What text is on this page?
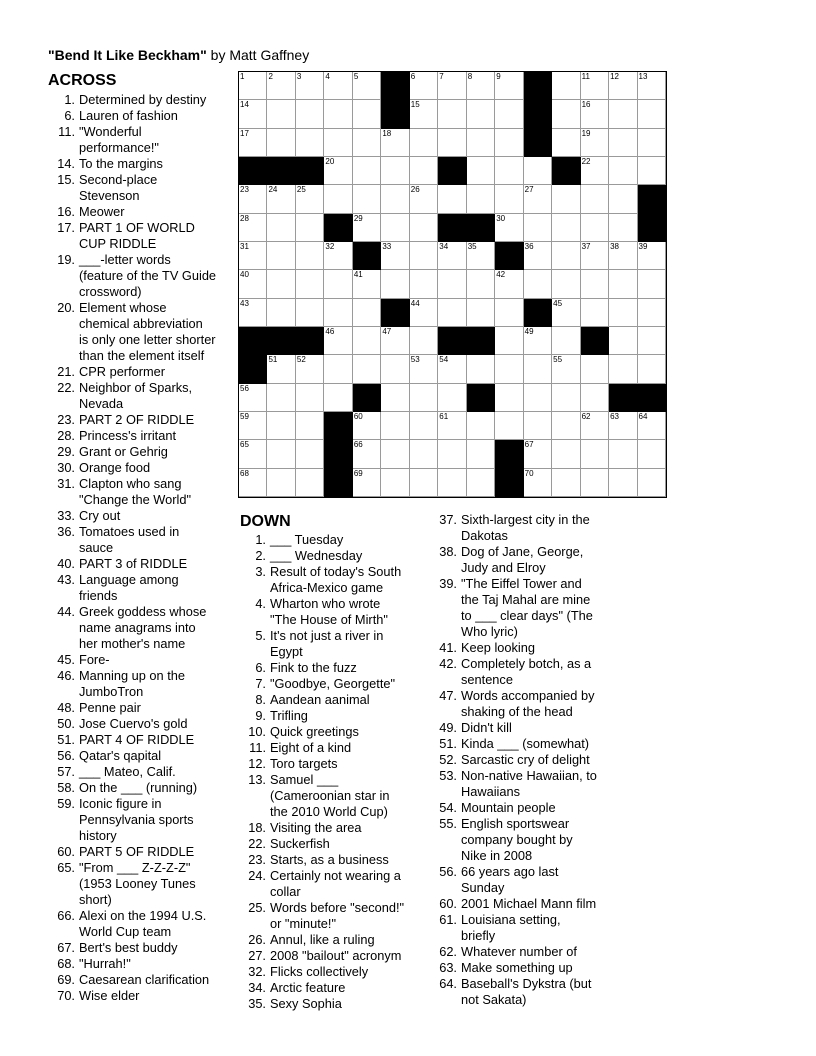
"Bend It Like Beckham" by Matt Gaffney
ACROSS
1. Determined by destiny
6. Lauren of fashion
11. "Wonderful
performance!"
14. To the margins
15. Second-place
Stevenson
16. Meower
17. PART 1 OF WORLD
CUP RIDDLE
19. ___-letter words
(feature of the TV Guide
crossword)
20. Element whose
chemical abbreviation
is only one letter shorter
than the element itself
21. CPR performer
22. Neighbor of Sparks,
Nevada
23. PART 2 OF RIDDLE
28. Princess's irritant
29. Grant or Gehrig
30. Orange food
31. Clapton who sang
"Change the World"
33. Cry out
36. Tomatoes used in
sauce
40. PART 3 of RIDDLE
43. Language among
friends
44. Greek goddess whose
name anagrams into
her mother's name
45. Fore-
46. Manning up on the
JumboTron
48. Penne pair
50. Jose Cuervo's gold
51. PART 4 OF RIDDLE
56. Qatar's qapital
57. ___ Mateo, Calif.
58. On the ___ (running)
59. Iconic figure in
Pennsylvania sports
history
60. PART 5 OF RIDDLE
65. "From ___ Z-Z-Z-Z"
(1953 Looney Tunes
short)
66. Alexi on the 1994 U.S.
World Cup team
67. Bert's best buddy
68. "Hurrah!"
69. Caesarean clarification
70. Wise elder
1	2	3	4	5	6	7	8	9	11	12 13
14	15	16
17	18	19
20	22
23 24 25	26	27
28	29	30
31	32	33	34 35	36	37 38 39
40	41	42
43	44	45
46	47	49
51 52	53 54	55
56
59	60	61	62 63 64
65	66	67
68	69	70
DOWN
1. ___ Tuesday
2. ___ Wednesday
3. Result of today's South
Africa-Mexico game
4. Wharton who wrote
"The House of Mirth"
5. It's not just a river in
Egypt
6. Fink to the fuzz
7. "Goodbye, Georgette"
8. Aandean aanimal
9. Trifling
10. Quick greetings
11. Eight of a kind
12. Toro targets
13. Samuel ___
(Cameroonian star in
the 2010 World Cup)
18. Visiting the area
22. Suckerfish
23. Starts, as a business
24. Certainly not wearing a
collar
25. Words before "second!"
or "minute!"
26. Annul, like a ruling
27. 2008 "bailout" acronym
32. Flicks collectively
34. Arctic feature
35. Sexy Sophia
37. Sixth-largest city in the
Dakotas
38. Dog of Jane, George,
Judy and Elroy
39. "The Eiffel Tower and
the Taj Mahal are mine
to ___ clear days" (The
Who lyric)
41. Keep looking
42. Completely botch, as a
sentence
47. Words accompanied by
shaking of the head
49. Didn't kill
51. Kinda ___ (somewhat)
52. Sarcastic cry of delight
53. Non-native Hawaiian, to
Hawaiians
54. Mountain people
55. English sportswear
company bought by
Nike in 2008
56. 66 years ago last
Sunday
60. 2001 Michael Mann film
61. Louisiana setting,
briefly
62. Whatever number of
63. Make something up
64. Baseball's Dykstra (but
not Sakata)
